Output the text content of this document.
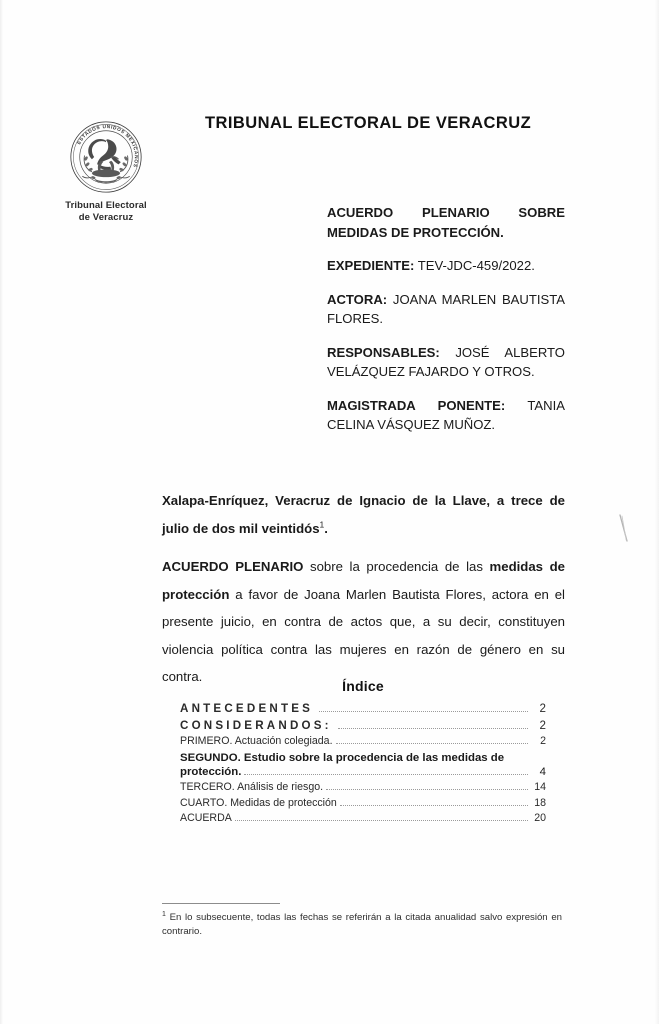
ESTADOS UNIDOS MEXICANOS
Tribunal Electoral
de Veracruz
TRIBUNAL ELECTORAL DE VERACRUZ

ACUERDO PLENARIO SOBRE MEDIDAS DE PROTECCIÓN.

EXPEDIENTE: TEV-JDC-459/2022.

ACTORA: JOANA MARLEN BAUTISTA FLORES.

RESPONSABLES: JOSÉ ALBERTO VELÁZQUEZ FAJARDO Y OTROS.

MAGISTRADA PONENTE: TANIA CELINA VÁSQUEZ MUÑOZ.

Xalapa-Enríquez, Veracruz de Ignacio de la Llave, a trece de julio de dos mil veintidós$^1$.

ACUERDO PLENARIO sobre la procedencia de las medidas de protección a favor de Joana Marlen Bautista Flores, actora en el presente juicio, en contra de actos que, a su decir, constituyen violencia política contra las mujeres en razón de género en su contra.

Índice
ANTECEDENTES	2
CONSIDERANDOS:	2
PRIMERO. Actuación colegiada.	2
SEGUNDO. Estudio sobre la procedencia de las medidas de
protección.	4
TERCERO. Análisis de riesgo.	14
CUARTO. Medidas de protección	18
ACUERDA	20
$^1$ En lo subsecuente, todas las fechas se referirán a la citada anualidad salvo expresión en contrario.
